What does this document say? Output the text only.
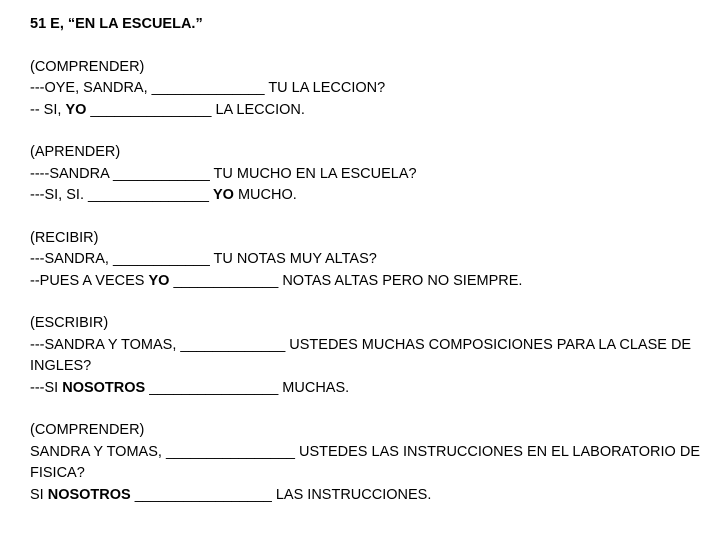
51 E, “EN LA ESCUELA.”
(COMPRENDER)
---OYE, SANDRA, ______________ TU LA LECCION?
-- SI, YO _______________ LA LECCION.
(APRENDER)
----SANDRA ____________ TU MUCHO EN LA ESCUELA?
---SI, SI. _______________ YO MUCHO.
(RECIBIR)
---SANDRA, ____________ TU NOTAS MUY ALTAS?
--PUES A VECES YO _____________ NOTAS ALTAS PERO NO SIEMPRE.
(ESCRIBIR)
---SANDRA Y TOMAS, _____________ USTEDES MUCHAS COMPOSICIONES PARA LA CLASE DE
INGLES?
---SI NOSOTROS ________________ MUCHAS.
(COMPRENDER)
SANDRA Y TOMAS, ________________ USTEDES LAS INSTRUCCIONES EN EL LABORATORIO DE
FISICA?
SI NOSOTROS _________________ LAS INSTRUCCIONES.
